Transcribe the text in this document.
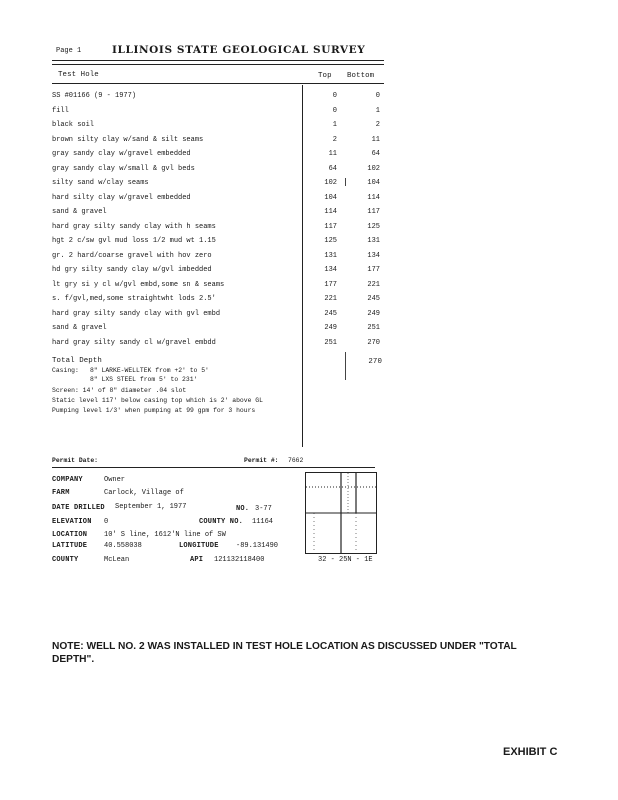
Page 1	ILLINOIS STATE GEOLOGICAL SURVEY
Test Hole	Top Bottom
SS #01166 (9 - 1977)	0	0
fill	0	1
black soil	1	2
brown silty clay w/sand & silt seams	2	11
gray sandy clay w/gravel embedded	11	64
gray sandy clay w/small & gvl beds	64	102
silty sand w/clay seams	102	104
hard silty clay w/gravel embedded	104	114
sand & gravel	114	117
hard gray silty sandy clay with h seams	117	125
hgt 2 c/sw gvl mud loss 1/2 mud wt 1.15	125	131
gr. 2 hard/coarse gravel with hov zero	131	134
hd gry silty sandy clay w/gvl imbedded	134	177
lt gry si y cl w/gvl embd,some sn & seams	177	221
s. f/gvl,med,some straightwht lods 2.5'	221	245
hard gray silty sandy clay with gvl embd	245	249
sand & gravel	249	251
hard gray silty sandy cl w/gravel embdd	251	270
Total Depth	270
Casing: 8" LARKE-WELLTEK from +2' to 5'
8" LXS STEEL from 5' to 231'
Screen: 14' of 8" diameter .04 slot
Static level 117' below casing top which is 2' above GL
Pumping level 1/3' when pumping at 99 gpm for 3 hours
Permit Date:	Permit #: 7662
COMPANY	Owner
FARM	Carlock, Village of
DATE DRILLED September 1, 1977	NO. 3-77
ELEVATION 0	COUNTY NO. 11164
LOCATION 10' S line, 1612'N line of SW
LATITUDE 40.558038	LONGITUDE -89.131490
COUNTY	McLean	API 121132118400	32 - 25N - 1E
NOTE: WELL NO. 2 WAS INSTALLED IN TEST HOLE LOCATION AS DISCUSSED UNDER "TOTAL
DEPTH".
EXHIBIT C
